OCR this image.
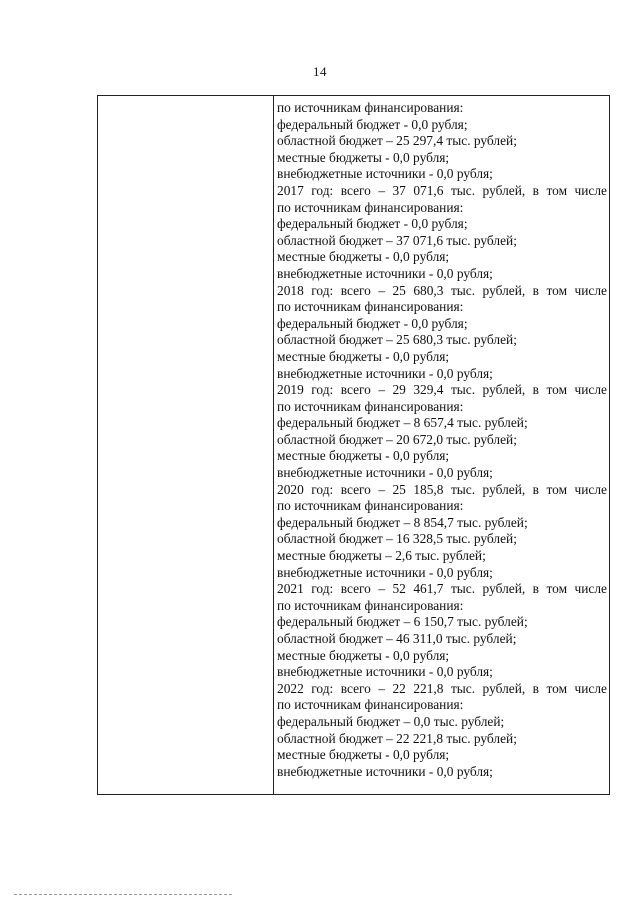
14
по источникам финансирования:
федеральный бюджет - 0,0 рубля;
областной бюджет – 25 297,4 тыс. рублей;
местные бюджеты - 0,0 рубля;
внебюджетные источники - 0,0 рубля;
2017 год: всего – 37 071,6 тыс. рублей, в том числе
по источникам финансирования:
федеральный бюджет - 0,0 рубля;
областной бюджет – 37 071,6 тыс. рублей;
местные бюджеты - 0,0 рубля;
внебюджетные источники - 0,0 рубля;
2018 год: всего – 25 680,3 тыс. рублей, в том числе
по источникам финансирования:
федеральный бюджет - 0,0 рубля;
областной бюджет – 25 680,3 тыс. рублей;
местные бюджеты - 0,0 рубля;
внебюджетные источники - 0,0 рубля;
2019 год: всего – 29 329,4 тыс. рублей, в том числе
по источникам финансирования:
федеральный бюджет – 8 657,4 тыс. рублей;
областной бюджет – 20 672,0 тыс. рублей;
местные бюджеты - 0,0 рубля;
внебюджетные источники - 0,0 рубля;
2020 год: всего – 25 185,8 тыс. рублей, в том числе
по источникам финансирования:
федеральный бюджет – 8 854,7 тыс. рублей;
областной бюджет – 16 328,5 тыс. рублей;
местные бюджеты – 2,6 тыс. рублей;
внебюджетные источники - 0,0 рубля;
2021 год: всего – 52 461,7 тыс. рублей, в том числе
по источникам финансирования:
федеральный бюджет – 6 150,7 тыс. рублей;
областной бюджет – 46 311,0 тыс. рублей;
местные бюджеты - 0,0 рубля;
внебюджетные источники - 0,0 рубля;
2022 год: всего – 22 221,8 тыс. рублей, в том числе
по источникам финансирования:
федеральный бюджет – 0,0 тыс. рублей;
областной бюджет – 22 221,8 тыс. рублей;
местные бюджеты - 0,0 рубля;
внебюджетные источники - 0,0 рубля;
